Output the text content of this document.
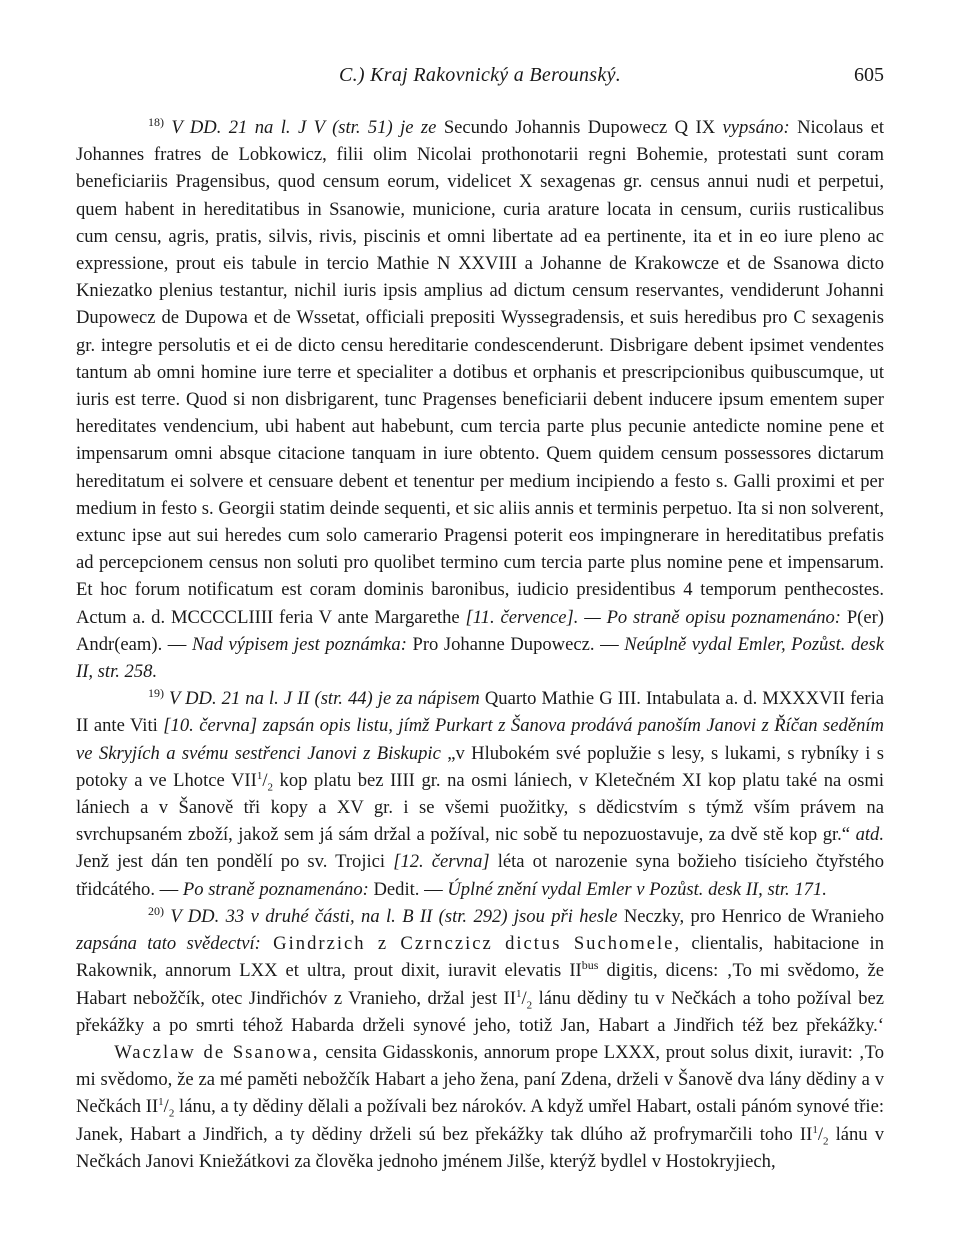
C.) Kraj Rakovnický a Berounský.	605

$^{18)}$ V DD. 21 na l. J V (str. 51) je ze Secundo Johannis Dupowecz Q IX vypsáno: Nicolaus et Johannes fratres de Lobkowicz, filii olim Nicolai prothonotarii regni Bohemie, protestati sunt coram beneficiariis Pragensibus, quod censum eorum, videlicet X sexagenas gr. census annui nudi et perpetui, quem habent in hereditatibus in Ssanowie, municione, curia arature locata in censum, curiis rusticalibus cum censu, agris, pratis, silvis, rivis, piscinis et omni libertate ad ea pertinente, ita et in eo iure pleno ac expressione, prout eis tabule in tercio Mathie N XXVIII a Johanne de Krakowcze et de Ssanowa dicto Kniezatko plenius testantur, nichil iuris ipsis amplius ad dictum censum reservantes, vendiderunt Johanni Dupowecz de Dupowa et de Wssetat, officiali prepositi Wyssegradensis, et suis heredibus pro C sexagenis gr. integre persolutis et ei de dicto censu hereditarie condescenderunt. Disbrigare debent ipsimet vendentes tantum ab omni homine iure terre et specialiter a dotibus et orphanis et prescripcionibus quibuscumque, ut iuris est terre. Quod si non disbrigarent, tunc Pragenses beneficiarii debent inducere ipsum ementem super hereditates vendencium, ubi habent aut habebunt, cum tercia parte plus pecunie antedicte nomine pene et impensarum omni absque citacione tanquam in iure obtento. Quem quidem censum possessores dictarum hereditatum ei solvere et censuare debent et tenentur per medium incipiendo a festo s. Galli proximi et per medium in festo s. Georgii statim deinde sequenti, et sic aliis annis et terminis perpetuo. Ita si non solverent, extunc ipse aut sui heredes cum solo camerario Pragensi poterit eos impingnerare in hereditatibus prefatis ad percepcionem census non soluti pro quolibet termino cum tercia parte plus nomine pene et impensarum. Et hoc forum notificatum est coram dominis baronibus, iudicio presidentibus 4 temporum penthecostes. Actum a. d. MCCCCLIIII feria V ante Margarethe [11. července]. — Po straně opisu poznamenáno: P(er) Andr(eam). — Nad výpisem jest poznámka: Pro Johanne Dupowecz. — Neúplně vydal Emler, Pozůst. desk II, str. 258.

$^{19)}$ V DD. 21 na l. J II (str. 44) je za nápisem Quarto Mathie G III. Intabulata a. d. MXXXVII feria II ante Viti [10. června] zapsán opis listu, jímž Purkart z Šanova prodává panoším Janovi z Říčan seděním ve Skryjích a svému sestřenci Janovi z Biskupic „v Hlubokém své poplužie s lesy, s lukami, s rybníky i s potoky a ve Lhotce $VII^1/_2$ kop platu bez IIII gr. na osmi lániech, v Kletečném XI kop platu také na osmi lániech a v Šanově tři kopy a XV gr. i se všemi puožitky, s dědicstvím s týmž vším právem na svrchupsaném zboží, jakož sem já sám držal a požíval, nic sobě tu nepozuostavuje, za dvě stě kop gr.“ atd. Jenž jest dán ten pondělí po sv. Trojici [12. června] léta ot narozenie syna božieho tisícieho čtyřstého třidcátého. — Po straně poznamenáno: Dedit. — Úplné znění vydal Emler v Pozůst. desk II, str. 171.

$^{20)}$ V DD. 33 v druhé části, na l. B II (str. 292) jsou při hesle Neczky, pro Henrico de Wranieho zapsána tato svědectví: Gindrzich z Czrnczicz dictus Suchomele, clientalis, habitacione in Rakownik, annorum LXX et ultra, prout dixit, iuravit elevatis $II^{bus}$ digitis, dicens: ‚To mi svědomo, že Habart nebožčík, otec Jindřichóv z Vranieho, držal jest $II^1/_2$ lánu dědiny tu v Nečkách a toho požíval bez překážky a po smrti téhož Habarda drželi synové jeho, totiž Jan, Habart a Jindřich též bez překážky.‘     Waczlaw de Ssanowa, censita Gidasskonis, annorum prope LXXX, prout solus dixit, iuravit: ‚To mi svědomo, že za mé paměti nebožčík Habart a jeho žena, paní Zdena, drželi v Šanově dva lány dědiny a v Nečkách $II^1/_2$ lánu, a ty dědiny dělali a požívali bez nárokóv. A když umřel Habart, ostali pánóm synové třie: Janek, Habart a Jindřich, a ty dědiny drželi sú bez překážky tak dlúho až profrymarčili toho $II^1/_2$ lánu v Nečkách Janovi Kniežátkovi za člověka jednoho jménem Jilše, kterýž bydlel v Hostokryjiech,
